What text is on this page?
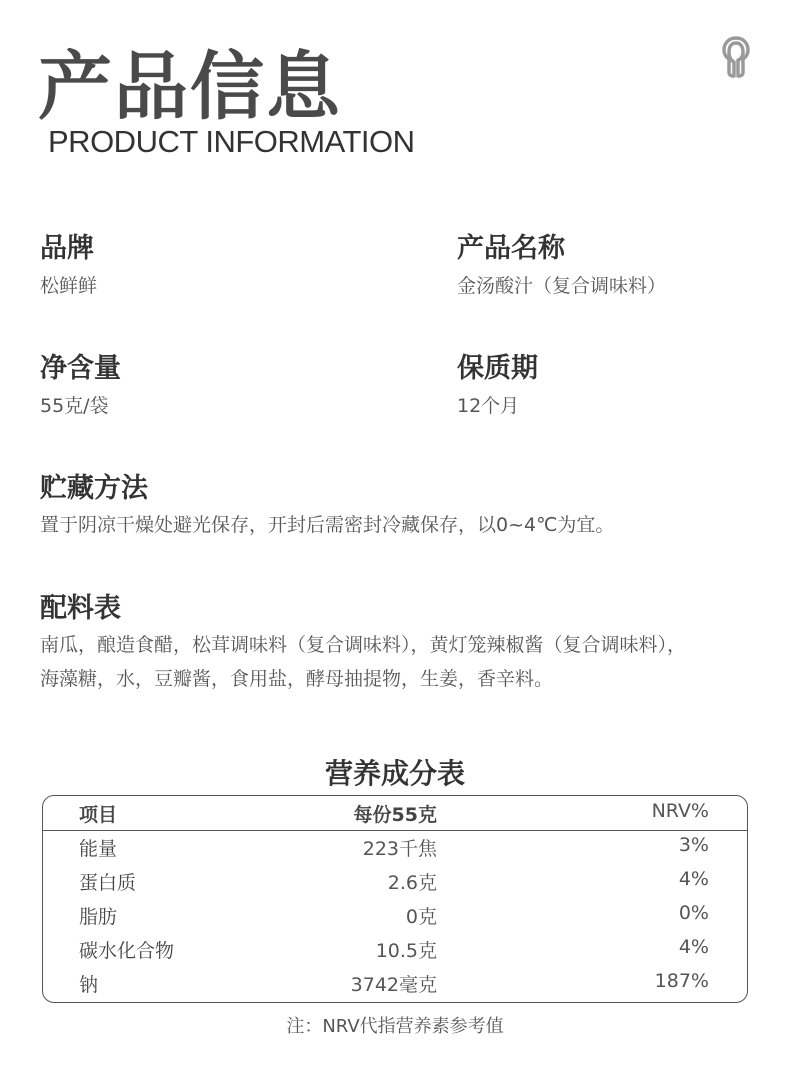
产品信息
PRODUCT INFORMATION
品牌
松鲜鲜
产品名称
金汤酸汁（复合调味料）
净含量
55克/袋
保质期
12个月
贮藏方法
置于阴凉干燥处避光保存，开封后需密封冷藏保存，以0~4℃为宜。
配料表
南瓜，酿造食醋，松茸调味料（复合调味料），黄灯笼辣椒酱（复合调味料），
海藻糖，水，豆瓣酱，食用盐，酵母抽提物，生姜，香辛料。
营养成分表
项目	每份55克	NRV%
能量	223千焦	3%
蛋白质	2.6克	4%
脂肪	0克	0%
碳水化合物	10.5克	4%
钠	3742毫克	187%
注：NRV代指营养素参考值
